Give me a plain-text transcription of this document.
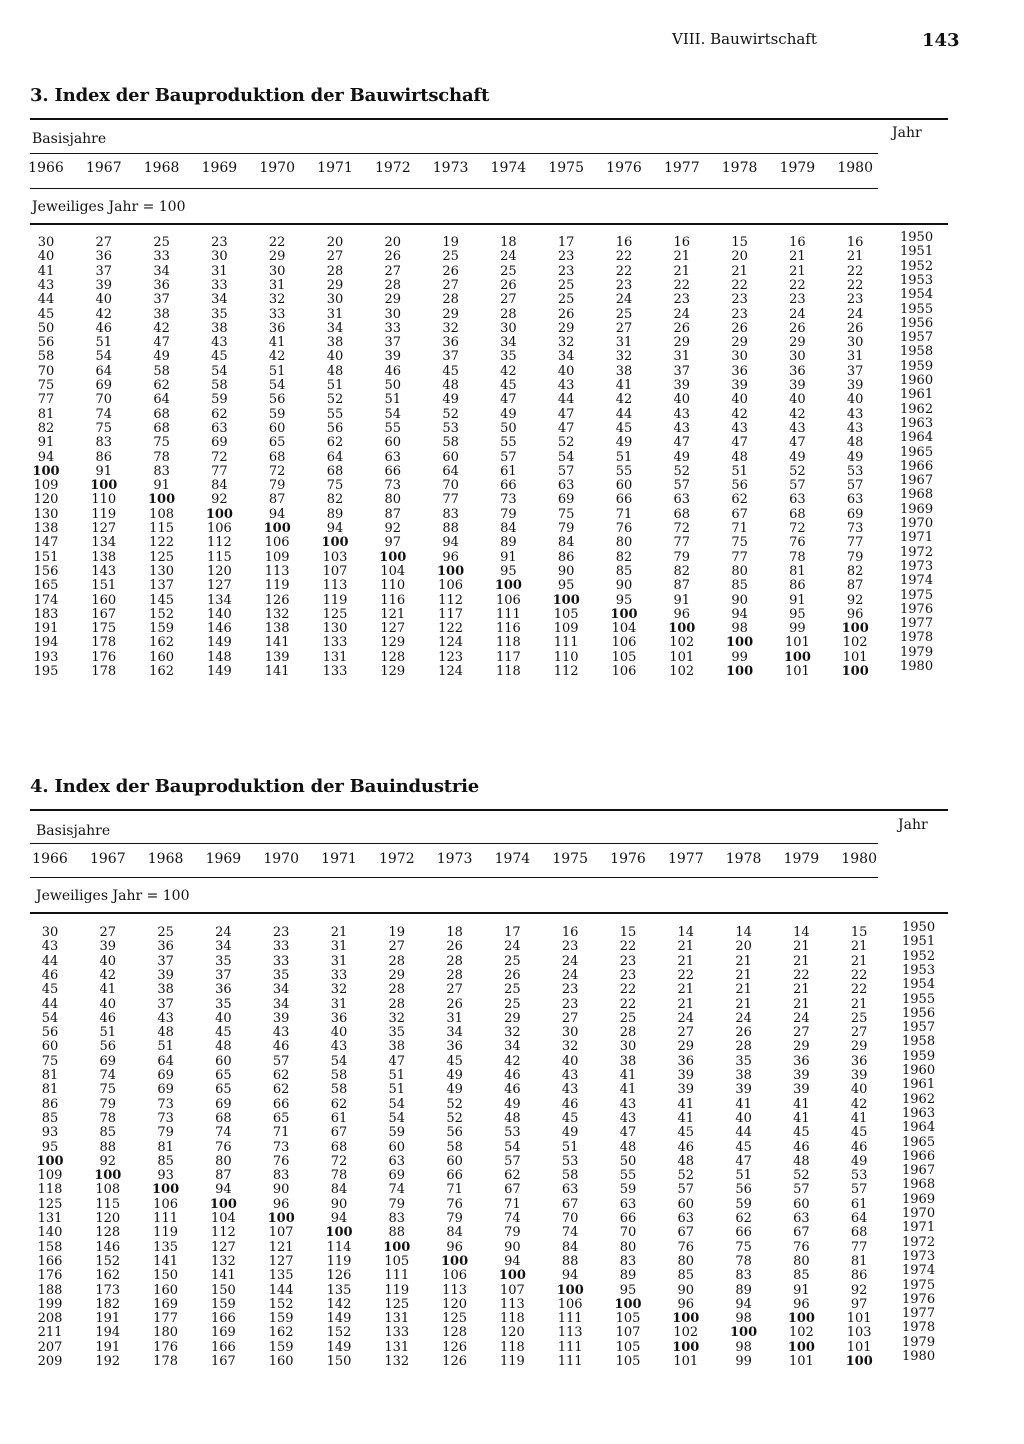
VIII. Bauwirtschaft	143
3. Index der Bauproduktion der Bauwirtschaft
Basisjahre	Jahr
1966	1967	1968	1969	1970	1971	1972	1973	1974	1975	1976	1977	1978	1979	1980
Jeweiliges Jahr = 100
30	27	25	23	22	20	20	19	18	17	16	16	15	16	16	1950
40	36	33	30	29	27	26	25	24	23	22	21	20	21	21	1951
41	37	34	31	30	28	27	26	25	23	22	21	21	21	22	1952
43	39	36	33	31	29	28	27	26	25	23	22	22	22	22	1953
44	40	37	34	32	30	29	28	27	25	24	23	23	23	23	1954
45	42	38	35	33	31	30	29	28	26	25	24	23	24	24	1955
50	46	42	38	36	34	33	32	30	29	27	26	26	26	26	1956
56	51	47	43	41	38	37	36	34	32	31	29	29	29	30	1957
58	54	49	45	42	40	39	37	35	34	32	31	30	30	31	1958
70	64	58	54	51	48	46	45	42	40	38	37	36	36	37	1959
75	69	62	58	54	51	50	48	45	43	41	39	39	39	39	1960
77	70	64	59	56	52	51	49	47	44	42	40	40	40	40	1961
81	74	68	62	59	55	54	52	49	47	44	43	42	42	43	1962
82	75	68	63	60	56	55	53	50	47	45	43	43	43	43	1963
91	83	75	69	65	62	60	58	55	52	49	47	47	47	48	1964
94	86	78	72	68	64	63	60	57	54	51	49	48	49	49	1965
100	91	83	77	72	68	66	64	61	57	55	52	51	52	53	1966
109	100	91	84	79	75	73	70	66	63	60	57	56	57	57	1967
120	110	100	92	87	82	80	77	73	69	66	63	62	63	63	1968
130	119	108	100	94	89	87	83	79	75	71	68	67	68	69	1969
138	127	115	106	100	94	92	88	84	79	76	72	71	72	73	1970
147	134	122	112	106	100	97	94	89	84	80	77	75	76	77	1971
151	138	125	115	109	103	100	96	91	86	82	79	77	78	79	1972
156	143	130	120	113	107	104	100	95	90	85	82	80	81	82	1973
165	151	137	127	119	113	110	106	100	95	90	87	85	86	87	1974
174	160	145	134	126	119	116	112	106	100	95	91	90	91	92	1975
183	167	152	140	132	125	121	117	111	105	100	96	94	95	96	1976
191	175	159	146	138	130	127	122	116	109	104	100	98	99	100	1977
194	178	162	149	141	133	129	124	118	111	106	102	100	101	102	1978
193	176	160	148	139	131	128	123	117	110	105	101	99	100	101	1979
195	178	162	149	141	133	129	124	118	112	106	102	100	101	100	1980
4. Index der Bauproduktion der Bauindustrie
Basisjahre	Jahr
1966	1967	1968	1969	1970	1971	1972	1973	1974	1975	1976	1977	1978	1979	1980
Jeweiliges Jahr = 100
30	27	25	24	23	21	19	18	17	16	15	14	14	14	15	1950
43	39	36	34	33	31	27	26	24	23	22	21	20	21	21	1951
44	40	37	35	33	31	28	28	25	24	23	21	21	21	21	1952
46	42	39	37	35	33	29	28	26	24	23	22	21	22	22	1953
45	41	38	36	34	32	28	27	25	23	22	21	21	21	22	1954
44	40	37	35	34	31	28	26	25	23	22	21	21	21	21	1955
54	46	43	40	39	36	32	31	29	27	25	24	24	24	25	1956
56	51	48	45	43	40	35	34	32	30	28	27	26	27	27	1957
60	56	51	48	46	43	38	36	34	32	30	29	28	29	29	1958
75	69	64	60	57	54	47	45	42	40	38	36	35	36	36	1959
81	74	69	65	62	58	51	49	46	43	41	39	38	39	39	1960
81	75	69	65	62	58	51	49	46	43	41	39	39	39	40	1961
86	79	73	69	66	62	54	52	49	46	43	41	41	41	42	1962
85	78	73	68	65	61	54	52	48	45	43	41	40	41	41	1963
93	85	79	74	71	67	59	56	53	49	47	45	44	45	45	1964
95	88	81	76	73	68	60	58	54	51	48	46	45	46	46	1965
100	92	85	80	76	72	63	60	57	53	50	48	47	48	49	1966
109	100	93	87	83	78	69	66	62	58	55	52	51	52	53	1967
118	108	100	94	90	84	74	71	67	63	59	57	56	57	57	1968
125	115	106	100	96	90	79	76	71	67	63	60	59	60	61	1969
131	120	111	104	100	94	83	79	74	70	66	63	62	63	64	1970
140	128	119	112	107	100	88	84	79	74	70	67	66	67	68	1971
158	146	135	127	121	114	100	96	90	84	80	76	75	76	77	1972
166	152	141	132	127	119	105	100	94	88	83	80	78	80	81	1973
176	162	150	141	135	126	111	106	100	94	89	85	83	85	86	1974
188	173	160	150	144	135	119	113	107	100	95	90	89	91	92	1975
199	182	169	159	152	142	125	120	113	106	100	96	94	96	97	1976
208	191	177	166	159	149	131	125	118	111	105	100	98	100	101	1977
211	194	180	169	162	152	133	128	120	113	107	102	100	102	103	1978
207	191	176	166	159	149	131	126	118	111	105	100	98	100	101	1979
209	192	178	167	160	150	132	126	119	111	105	101	99	101	100	1980
